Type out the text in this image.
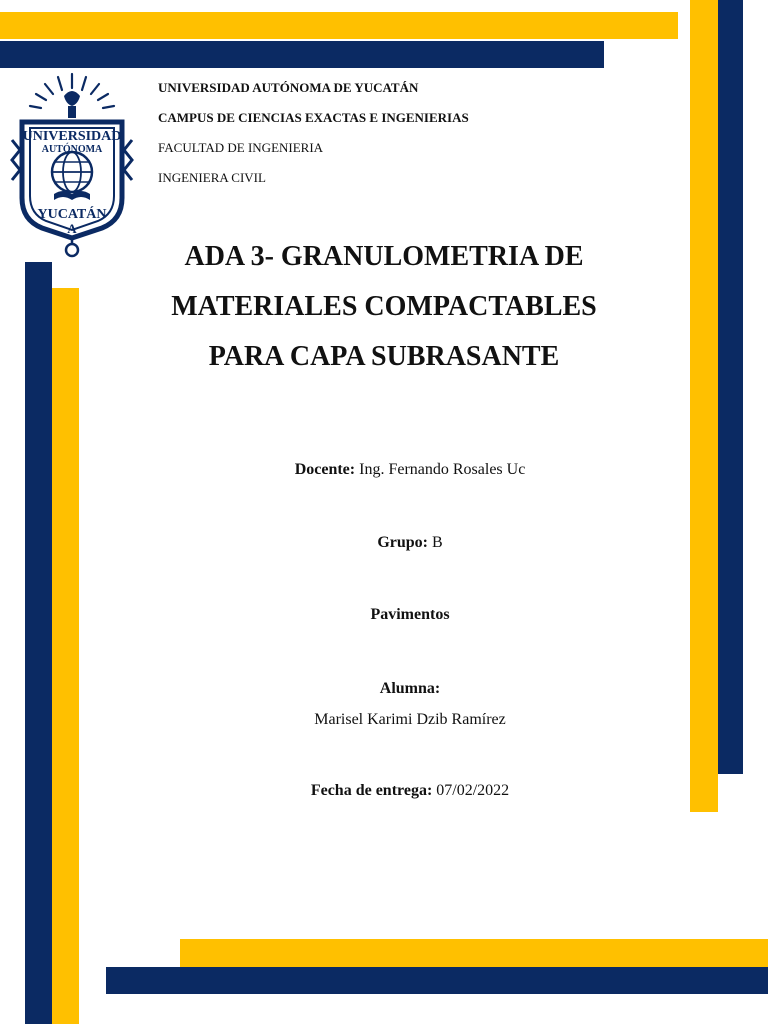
UNIVERSIDAD
AUTÓNOMA
YUCATÁN
A
UNIVERSIDAD AUTÓNOMA DE YUCATÁN
CAMPUS DE CIENCIAS EXACTAS E INGENIERIAS
FACULTAD DE INGENIERIA
INGENIERA CIVIL
ADA 3- GRANULOMETRIA DE
MATERIALES COMPACTABLES
PARA CAPA SUBRASANTE
Docente: Ing. Fernando Rosales Uc
Grupo: B
Pavimentos
Alumna:
Marisel Karimi Dzib Ramírez
Fecha de entrega: 07/02/2022
